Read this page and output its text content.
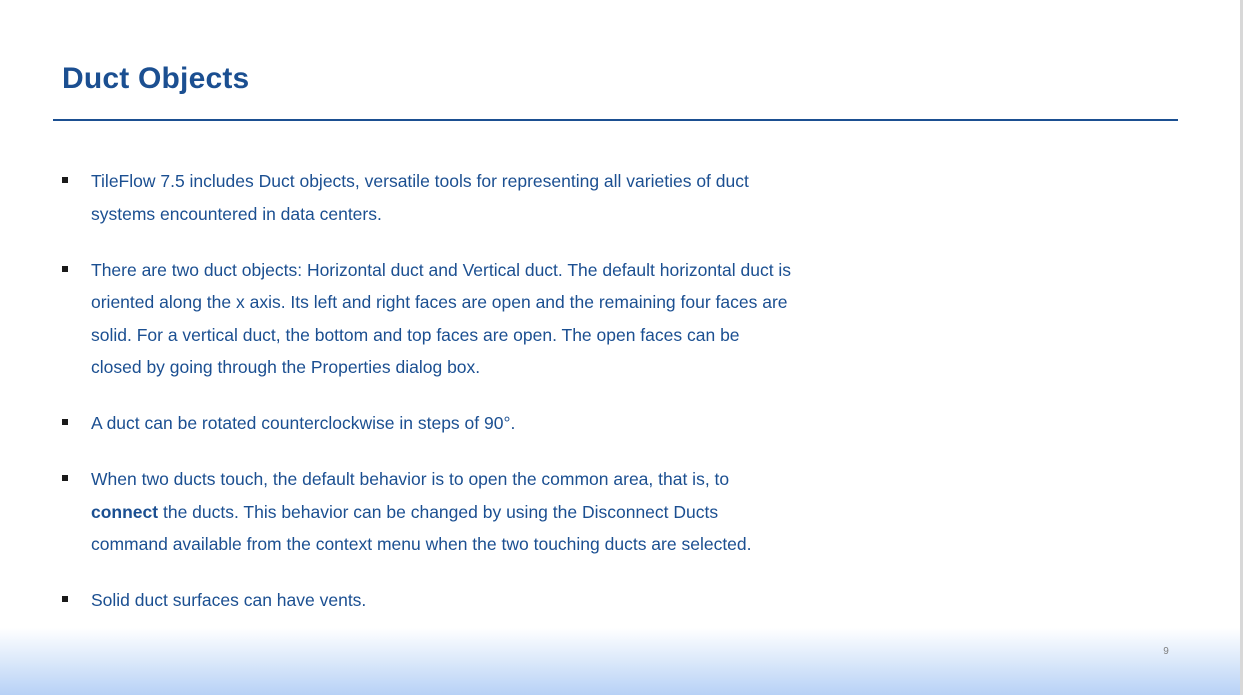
Duct Objects
TileFlow 7.5 includes Duct objects, versatile tools for representing all varieties of duct systems encountered in data centers.
There are two duct objects: Horizontal duct and Vertical duct. The default horizontal duct is oriented along the x axis. Its left and right faces are open and the remaining four faces are solid. For a vertical duct, the bottom and top faces are open. The open faces can be closed by going through the Properties dialog box.
A duct can be rotated counterclockwise in steps of 90°.
When two ducts touch, the default behavior is to open the common area, that is, to connect the ducts. This behavior can be changed by using the Disconnect Ducts command available from the context menu when the two touching ducts are selected.
Solid duct surfaces can have vents.
9
